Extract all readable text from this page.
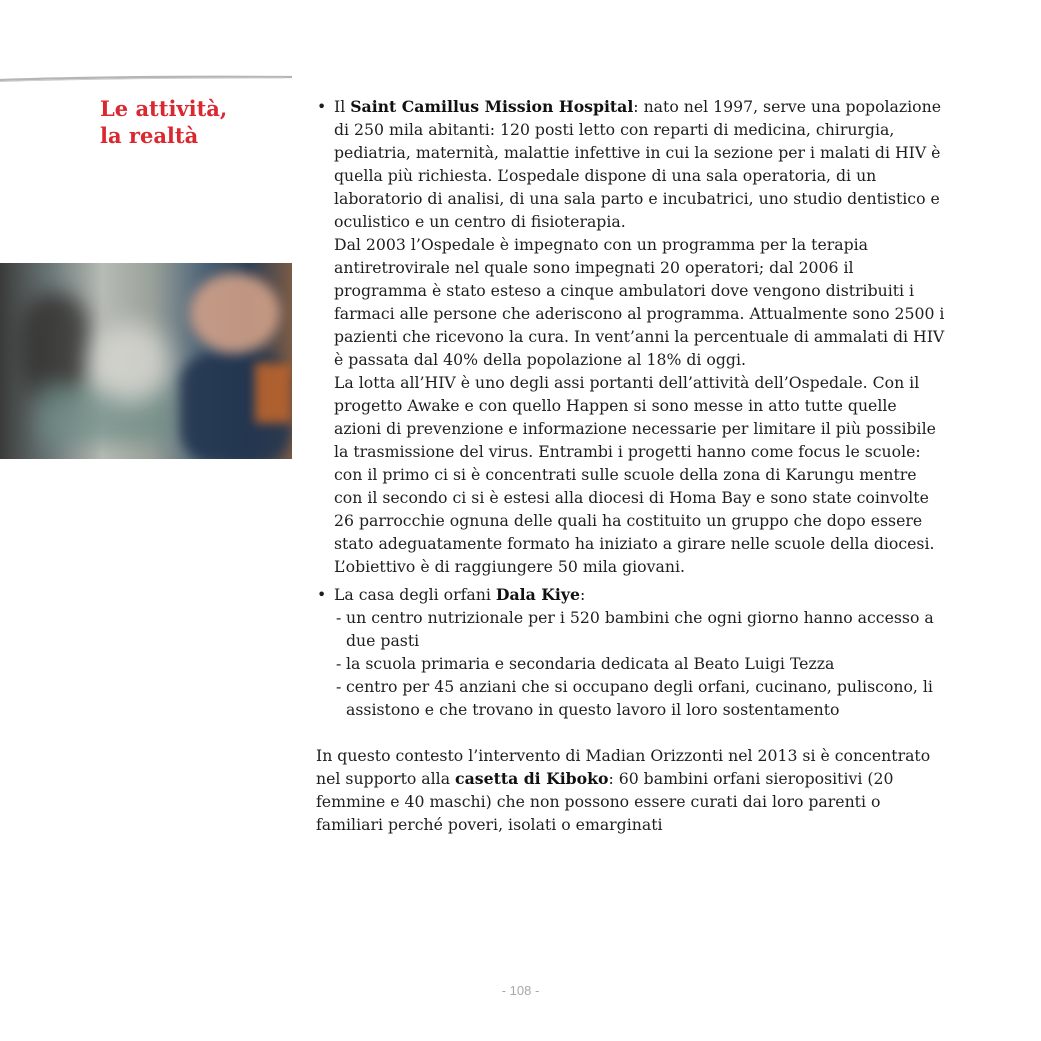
Le attività,
la realtà
• Il Saint Camillus Mission Hospital: nato nel 1997, serve una popolazione di 250 mila abitanti: 120 posti letto con reparti di medicina, chirurgia, pediatria, maternità, malattie infettive in cui la sezione per i malati di HIV è quella più richiesta. L’ospedale dispone di una sala operatoria, di un laboratorio di analisi, di una sala parto e incubatrici, uno studio dentistico e oculistico e un centro di fisioterapia.

Dal 2003 l’Ospedale è impegnato con un programma per la terapia antiretrovirale nel quale sono impegnati 20 operatori; dal 2006 il programma è stato esteso a cinque ambulatori dove vengono distribuiti i farmaci alle persone che aderiscono al programma. Attualmente sono 2500 i pazienti che ricevono la cura. In vent’anni la percentuale di ammalati di HIV è passata dal 40% della popolazione al 18% di oggi.

La lotta all’HIV è uno degli assi portanti dell’attività dell’Ospedale. Con il progetto Awake e con quello Happen si sono messe in atto tutte quelle azioni di prevenzione e informazione necessarie per limitare il più possibile la trasmissione del virus. Entrambi i progetti hanno come focus le scuole: con il primo ci si è concentrati sulle scuole della zona di Karungu mentre con il secondo ci si è estesi alla diocesi di Homa Bay e sono state coinvolte 26 parrocchie ognuna delle quali ha costituito un gruppo che dopo essere stato adeguatamente formato ha iniziato a girare nelle scuole della diocesi. L’obiettivo è di raggiungere 50 mila giovani.

• La casa degli orfani Dala Kiye:

- un centro nutrizionale per i 520 bambini che ogni giorno hanno accesso a due pasti
- la scuola primaria e secondaria dedicata al Beato Luigi Tezza
- centro per 45 anziani che si occupano degli orfani, cucinano, puliscono, li assistono e che trovano in questo lavoro il loro sostentamento

In questo contesto l’intervento di Madian Orizzonti nel 2013 si è concentrato nel supporto alla casetta di Kiboko: 60 bambini orfani sieropositivi (20 femmine e 40 maschi) che non possono essere curati dai loro parenti o familiari perché poveri, isolati o emarginati

- 108 -
